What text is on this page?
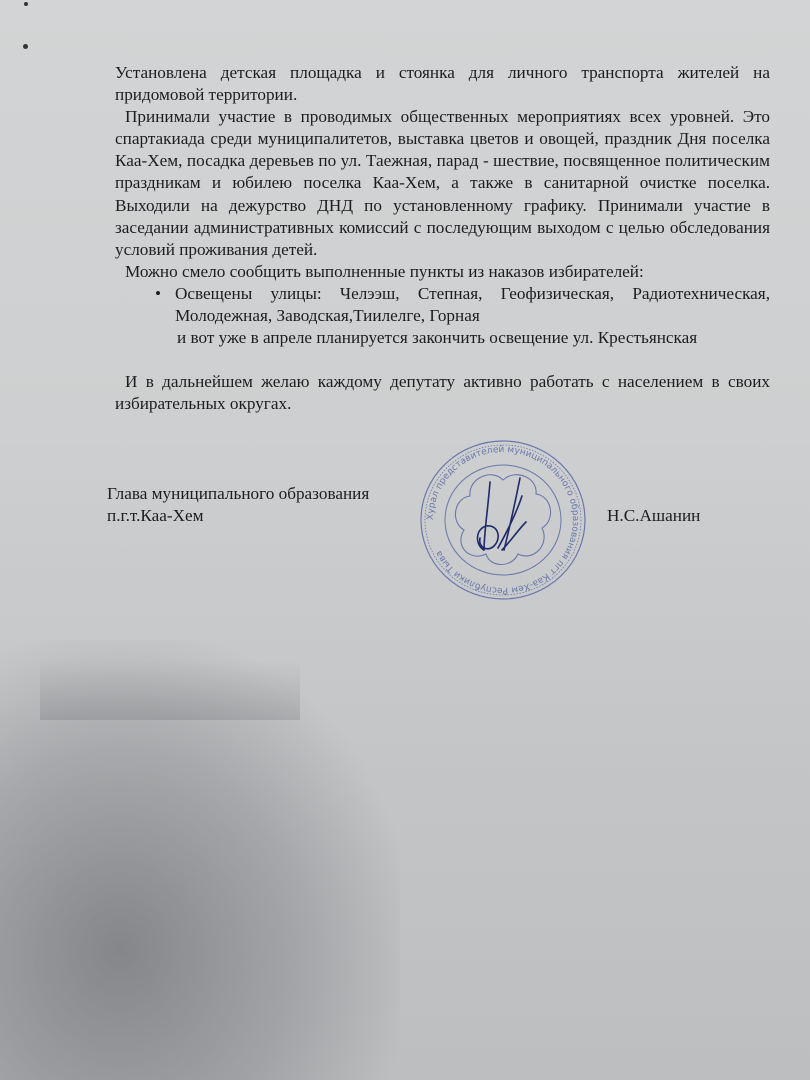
Установлена детская площадка и стоянка для личного транспорта жителей на придомовой территории.

Принимали участие в проводимых общественных мероприятиях всех уровней. Это спартакиада среди муниципалитетов, выставка цветов и овощей, праздник Дня поселка Каа-Хем, посадка деревьев по ул. Таежная, парад - шествие, посвященное политическим праздникам и юбилею поселка Каа-Хем, а также в санитарной очистке поселка. Выходили на дежурство ДНД по установленному графику. Принимали участие в заседании административных комиссий с последующим выходом с целью обследования условий проживания детей.

Можно смело сообщить выполненные пункты из наказов избирателей:

• Освещены улицы: Челээш, Степная, Геофизическая, Радиотехническая, Молодежная, Заводская,Тиилелге, Горная
и вот уже в апреле планируется закончить освещение ул. Крестьянская

И в дальнейшем желаю каждому депутату активно работать с населением в своих избирательных округах.

Глава муниципального образования
п.г.т.Каа-Хем	Н.С.Ашанин
Хурал представителей муниципального образования пгт Каа-Хем Республики Тыва
